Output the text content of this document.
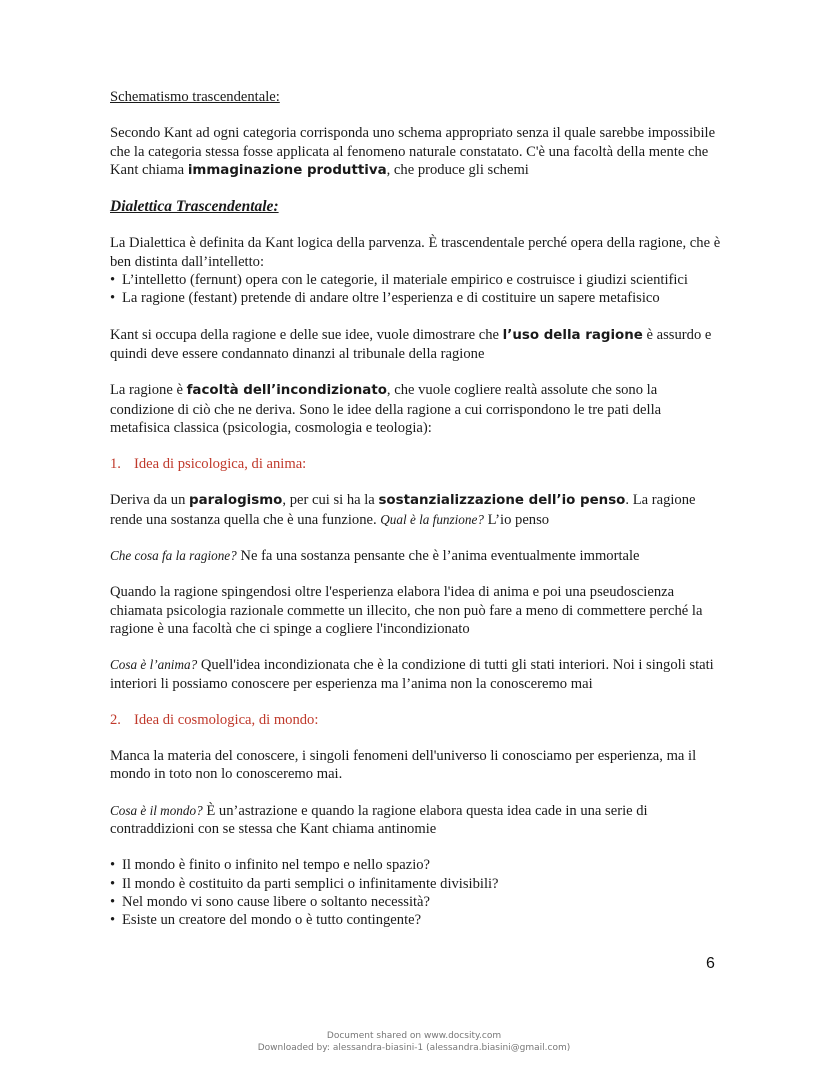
Schematismo trascendentale:

Secondo Kant ad ogni categoria corrisponda uno schema appropriato senza il quale sarebbe impossibile che la categoria stessa fosse applicata al fenomeno naturale constatato. C'è una facoltà della mente che Kant chiama immaginazione produttiva, che produce gli schemi

Dialettica Trascendentale:

La Dialettica è definita da Kant logica della parvenza. È trascendentale perché opera della ragione, che è ben distinta dall’intelletto:

• L’intelletto (fernunt) opera con le categorie, il materiale empirico e costruisce i giudizi scientifici
• La ragione (festant) pretende di andare oltre l’esperienza e di costituire un sapere metafisico

Kant si occupa della ragione e delle sue idee, vuole dimostrare che l’uso della ragione è assurdo e quindi deve essere condannato dinanzi al tribunale della ragione

La ragione è facoltà dell’incondizionato, che vuole cogliere realtà assolute che sono la condizione di ciò che ne deriva. Sono le idee della ragione a cui corrispondono le tre pati della metafisica classica (psicologia, cosmologia e teologia):

1. Idea di psicologica, di anima:

Deriva da un paralogismo, per cui si ha la sostanzializzazione dell’io penso. La ragione rende una sostanza quella che è una funzione. Qual è la funzione? L’io penso

Che cosa fa la ragione? Ne fa una sostanza pensante che è l’anima eventualmente immortale

Quando la ragione spingendosi oltre l'esperienza elabora l'idea di anima e poi una pseudoscienza chiamata psicologia razionale commette un illecito, che non può fare a meno di commettere perché la ragione è una facoltà che ci spinge a cogliere l'incondizionato

Cosa è l’anima? Quell'idea incondizionata che è la condizione di tutti gli stati interiori. Noi i singoli stati interiori li possiamo conoscere per esperienza ma l’anima non la conosceremo mai

2. Idea di cosmologica, di mondo:

Manca la materia del conoscere, i singoli fenomeni dell'universo li conosciamo per esperienza, ma il mondo in toto non lo conosceremo mai.

Cosa è il mondo? È un’astrazione e quando la ragione elabora questa idea cade in una serie di contraddizioni con se stessa che Kant chiama antinomie

• Il mondo è finito o infinito nel tempo e nello spazio?
• Il mondo è costituito da parti semplici o infinitamente divisibili?
• Nel mondo vi sono cause libere o soltanto necessità?
• Esiste un creatore del mondo o è tutto contingente?
6
Document shared on www.docsity.com
Downloaded by: alessandra-biasini-1 (alessandra.biasini@gmail.com)
